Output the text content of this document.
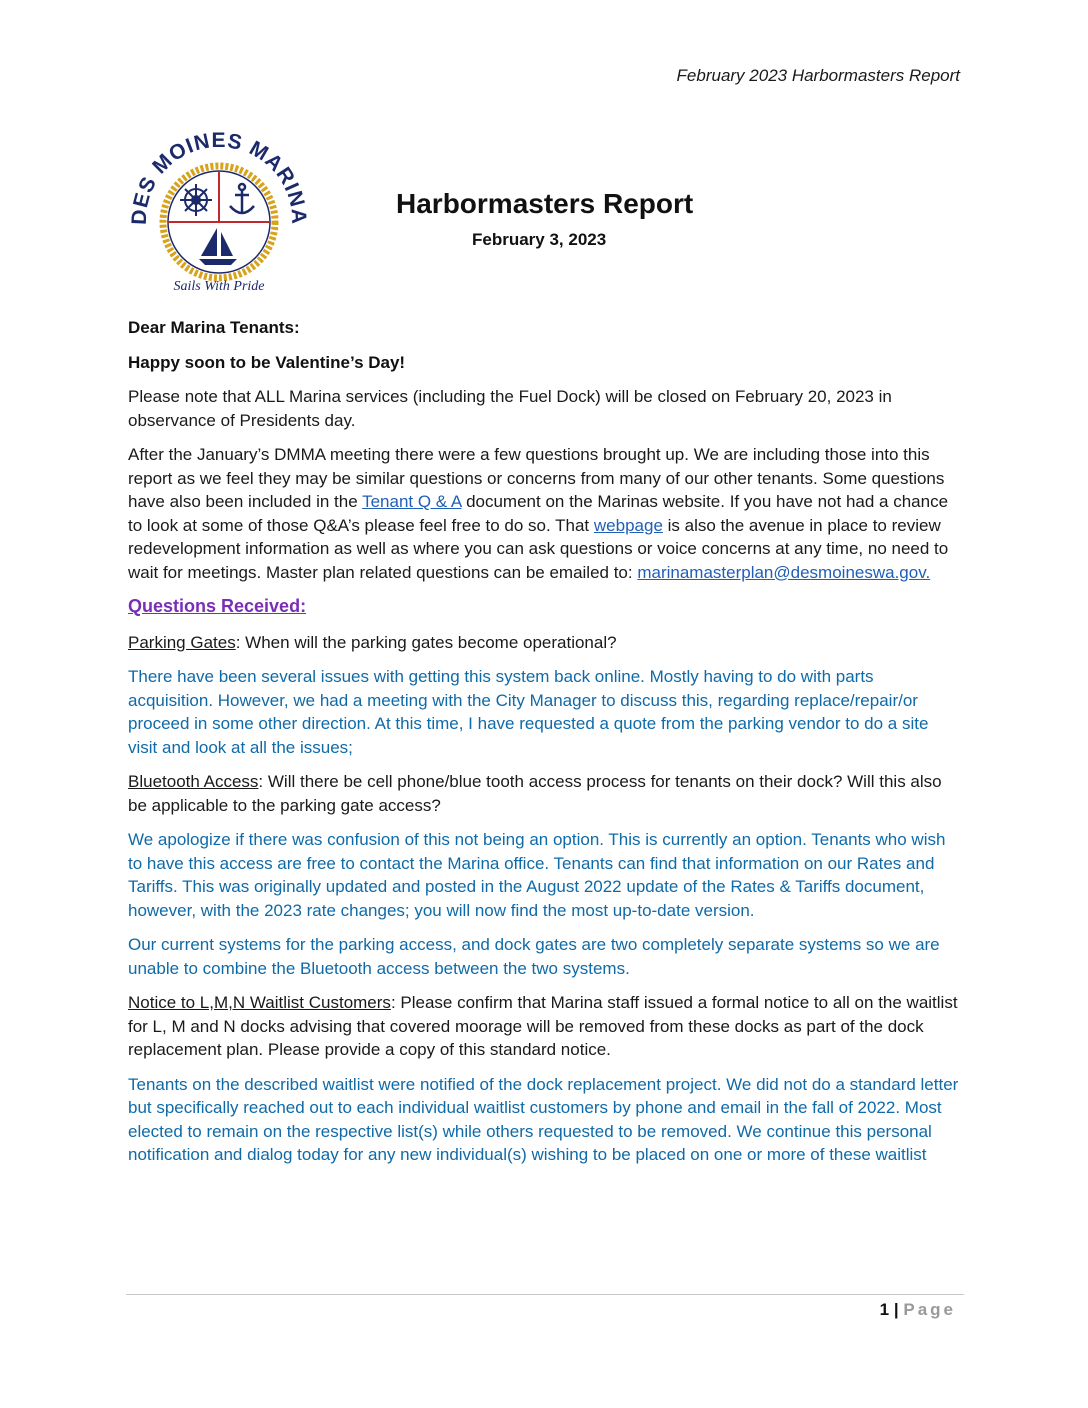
February 2023 Harbormasters Report
DES MOINES MARINA
Sails With Pride
Harbormasters Report
February 3, 2023

Dear Marina Tenants:

Happy soon to be Valentine’s Day!

Please note that ALL Marina services (including the Fuel Dock) will be closed on February 20, 2023 in observance of Presidents day.

After the January’s DMMA meeting there were a few questions brought up. We are including those into this report as we feel they may be similar questions or concerns from many of our other tenants. Some questions have also been included in the Tenant Q & A document on the Marinas website. If you have not had a chance to look at some of those Q&A’s please feel free to do so. That webpage is also the avenue in place to review redevelopment information as well as where you can ask questions or voice concerns at any time, no need to wait for meetings. Master plan related questions can be emailed to: marinamasterplan@desmoineswa.gov.

Questions Received:

Parking Gates: When will the parking gates become operational?

There have been several issues with getting this system back online. Mostly having to do with parts acquisition. However, we had a meeting with the City Manager to discuss this, regarding replace/repair/or proceed in some other direction. At this time, I have requested a quote from the parking vendor to do a site visit and look at all the issues;

Bluetooth Access: Will there be cell phone/blue tooth access process for tenants on their dock? Will this also be applicable to the parking gate access?

We apologize if there was confusion of this not being an option. This is currently an option. Tenants who wish to have this access are free to contact the Marina office. Tenants can find that information on our Rates and Tariffs. This was originally updated and posted in the August 2022 update of the Rates & Tariffs document, however, with the 2023 rate changes; you will now find the most up-to-date version.

Our current systems for the parking access, and dock gates are two completely separate systems so we are unable to combine the Bluetooth access between the two systems.

Notice to L,M,N Waitlist Customers: Please confirm that Marina staff issued a formal notice to all on the waitlist for L, M and N docks advising that covered moorage will be removed from these docks as part of the dock replacement plan. Please provide a copy of this standard notice.

Tenants on the described waitlist were notified of the dock replacement project. We did not do a standard letter but specifically reached out to each individual waitlist customers by phone and email in the fall of 2022. Most elected to remain on the respective list(s) while others requested to be removed. We continue this personal notification and dialog today for any new individual(s) wishing to be placed on one or more of these waitlist

1 | Page
